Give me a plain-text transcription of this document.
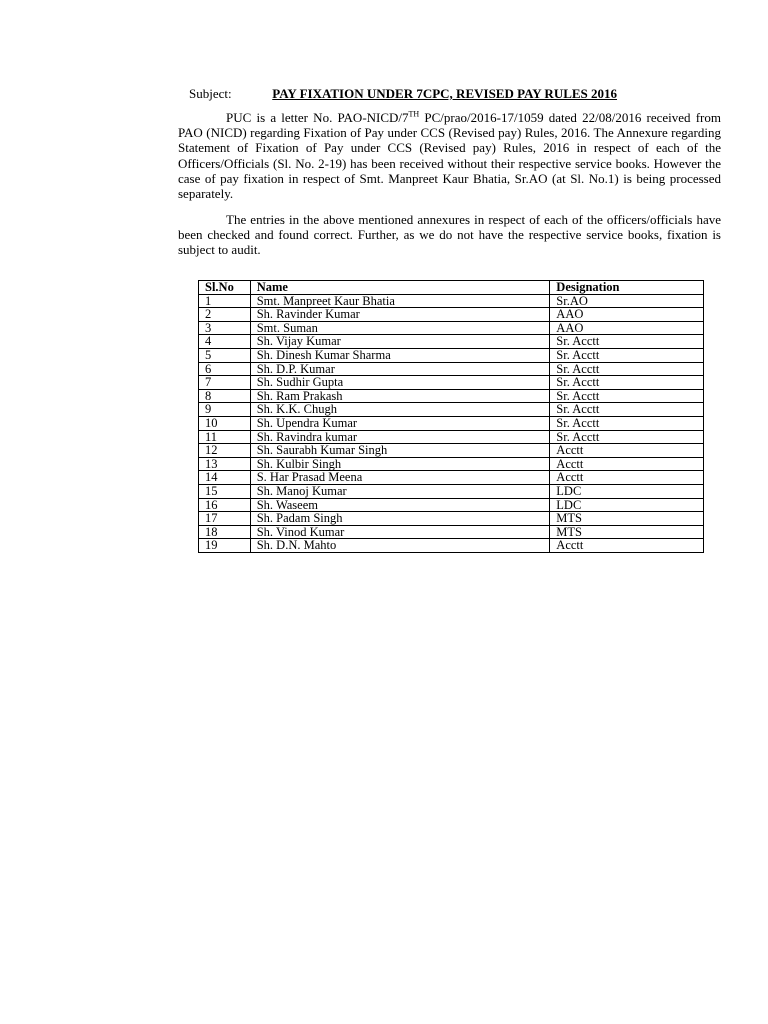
Subject:	PAY FIXATION UNDER 7CPC, REVISED PAY RULES 2016

PUC is a letter No. PAO-NICD/7TH PC/prao/2016-17/1059 dated 22/08/2016 received from PAO (NICD) regarding Fixation of Pay under CCS (Revised pay) Rules, 2016. The Annexure regarding Statement of Fixation of Pay under CCS (Revised pay) Rules, 2016 in respect of each of the Officers/Officials (Sl. No. 2-19) has been received without their respective service books. However the case of pay fixation in respect of Smt. Manpreet Kaur Bhatia, Sr.AO (at Sl. No.1) is being processed separately.

The entries in the above mentioned annexures in respect of each of the officers/officials have been checked and found correct. Further, as we do not have the respective service books, fixation is subject to audit.

Sl.No	Name	Designation
1	Smt. Manpreet Kaur Bhatia	Sr.AO
2	Sh. Ravinder Kumar	AAO
3	Smt. Suman	AAO
4	Sh. Vijay Kumar	Sr. Acctt
5	Sh. Dinesh Kumar Sharma	Sr. Acctt
6	Sh. D.P. Kumar	Sr. Acctt
7	Sh. Sudhir Gupta	Sr. Acctt
8	Sh. Ram Prakash	Sr. Acctt
9	Sh. K.K. Chugh	Sr. Acctt
10	Sh. Upendra Kumar	Sr. Acctt
11	Sh. Ravindra kumar	Sr. Acctt
12	Sh. Saurabh Kumar Singh	Acctt
13	Sh. Kulbir Singh	Acctt
14	S. Har Prasad Meena	Acctt
15	Sh. Manoj Kumar	LDC
16	Sh. Waseem	LDC
17	Sh. Padam Singh	MTS
18	Sh. Vinod Kumar	MTS
19	Sh. D.N. Mahto	Acctt
